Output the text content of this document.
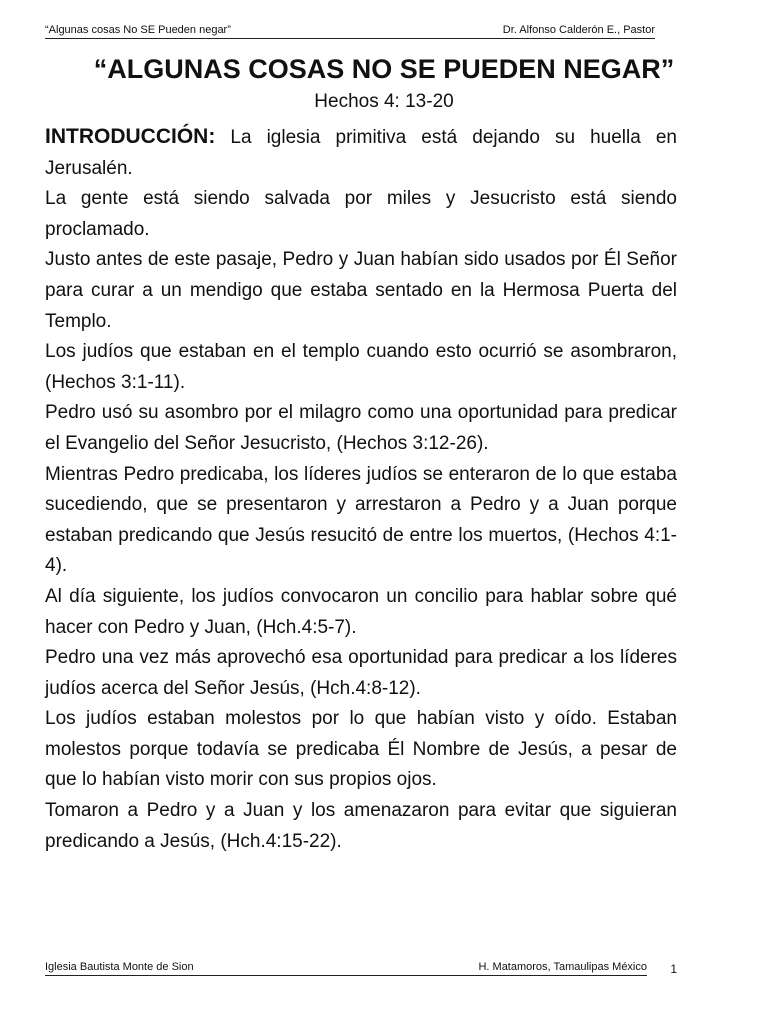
“Algunas cosas No SE Pueden negar”	Dr. Alfonso Calderón E., Pastor
“ALGUNAS COSAS NO SE PUEDEN NEGAR”
Hechos 4: 13-20

INTRODUCCIÓN: La iglesia primitiva está dejando su huella en Jerusalén.

La gente está siendo salvada por miles y Jesucristo está siendo proclamado.

Justo antes de este pasaje, Pedro y Juan habían sido usados por Él Señor para curar a un mendigo que estaba sentado en la Hermosa Puerta del Templo.

Los judíos que estaban en el templo cuando esto ocurrió se asombraron, (Hechos 3:1-11).

Pedro usó su asombro por el milagro como una oportunidad para predicar el Evangelio del Señor Jesucristo, (Hechos 3:12-26).

Mientras Pedro predicaba, los líderes judíos se enteraron de lo que estaba sucediendo, que se presentaron y arrestaron a Pedro y a Juan porque estaban predicando que Jesús resucitó de entre los muertos, (Hechos 4:1-4).

Al día siguiente, los judíos convocaron un concilio para hablar sobre qué hacer con Pedro y Juan, (Hch.4:5-7).

Pedro una vez más aprovechó esa oportunidad para predicar a los líderes judíos acerca del Señor Jesús, (Hch.4:8-12).

Los judíos estaban molestos por lo que habían visto y oído. Estaban molestos porque todavía se predicaba Él Nombre de Jesús, a pesar de que lo habían visto morir con sus propios ojos.

Tomaron a Pedro y a Juan y los amenazaron para evitar que siguieran predicando a Jesús, (Hch.4:15-22).

Iglesia Bautista Monte de Sion	H. Matamoros, Tamaulipas México 1
